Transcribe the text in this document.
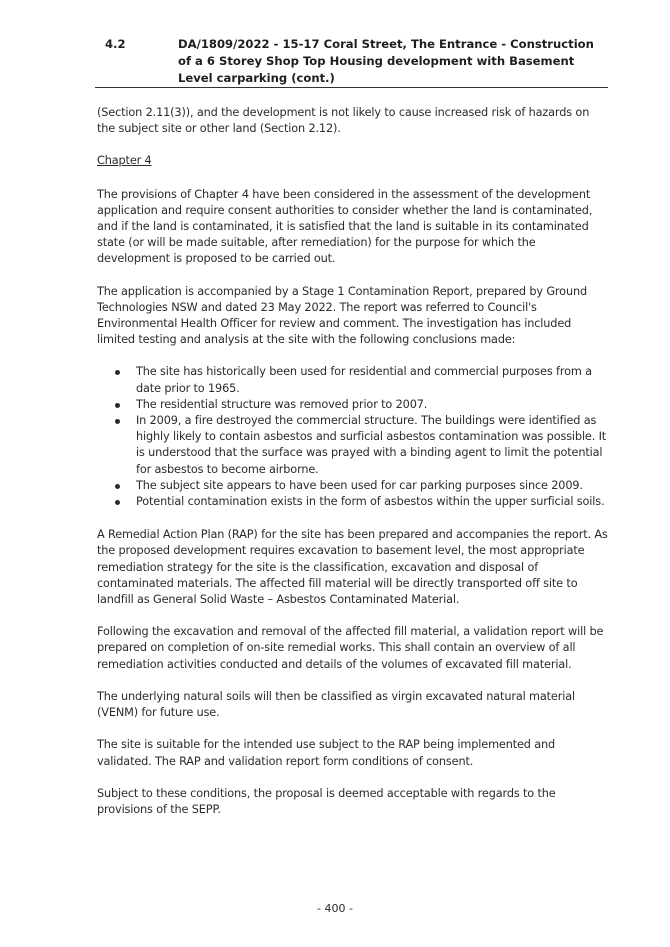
4.2	DA/1809/2022 - 15-17 Coral Street, The Entrance - Construction of a 6 Storey Shop Top Housing development with Basement Level carparking (cont.)

(Section 2.11(3)), and the development is not likely to cause increased risk of hazards on the subject site or other land (Section 2.12).

Chapter 4

The provisions of Chapter 4 have been considered in the assessment of the development application and require consent authorities to consider whether the land is contaminated, and if the land is contaminated, it is satisfied that the land is suitable in its contaminated state (or will be made suitable, after remediation) for the purpose for which the development is proposed to be carried out.

The application is accompanied by a Stage 1 Contamination Report, prepared by Ground Technologies NSW and dated 23 May 2022. The report was referred to Council's Environmental Health Officer for review and comment. The investigation has included limited testing and analysis at the site with the following conclusions made:

The site has historically been used for residential and commercial purposes from a date prior to 1965.
The residential structure was removed prior to 2007.
In 2009, a fire destroyed the commercial structure. The buildings were identified as highly likely to contain asbestos and surficial asbestos contamination was possible. It is understood that the surface was prayed with a binding agent to limit the potential for asbestos to become airborne.
The subject site appears to have been used for car parking purposes since 2009.
Potential contamination exists in the form of asbestos within the upper surficial soils.

A Remedial Action Plan (RAP) for the site has been prepared and accompanies the report. As the proposed development requires excavation to basement level, the most appropriate remediation strategy for the site is the classification, excavation and disposal of contaminated materials. The affected fill material will be directly transported off site to landfill as General Solid Waste – Asbestos Contaminated Material.

Following the excavation and removal of the affected fill material, a validation report will be prepared on completion of on-site remedial works. This shall contain an overview of all remediation activities conducted and details of the volumes of excavated fill material.

The underlying natural soils will then be classified as virgin excavated natural material (VENM) for future use.

The site is suitable for the intended use subject to the RAP being implemented and validated. The RAP and validation report form conditions of consent.

Subject to these conditions, the proposal is deemed acceptable with regards to the provisions of the SEPP.

- 400 -
